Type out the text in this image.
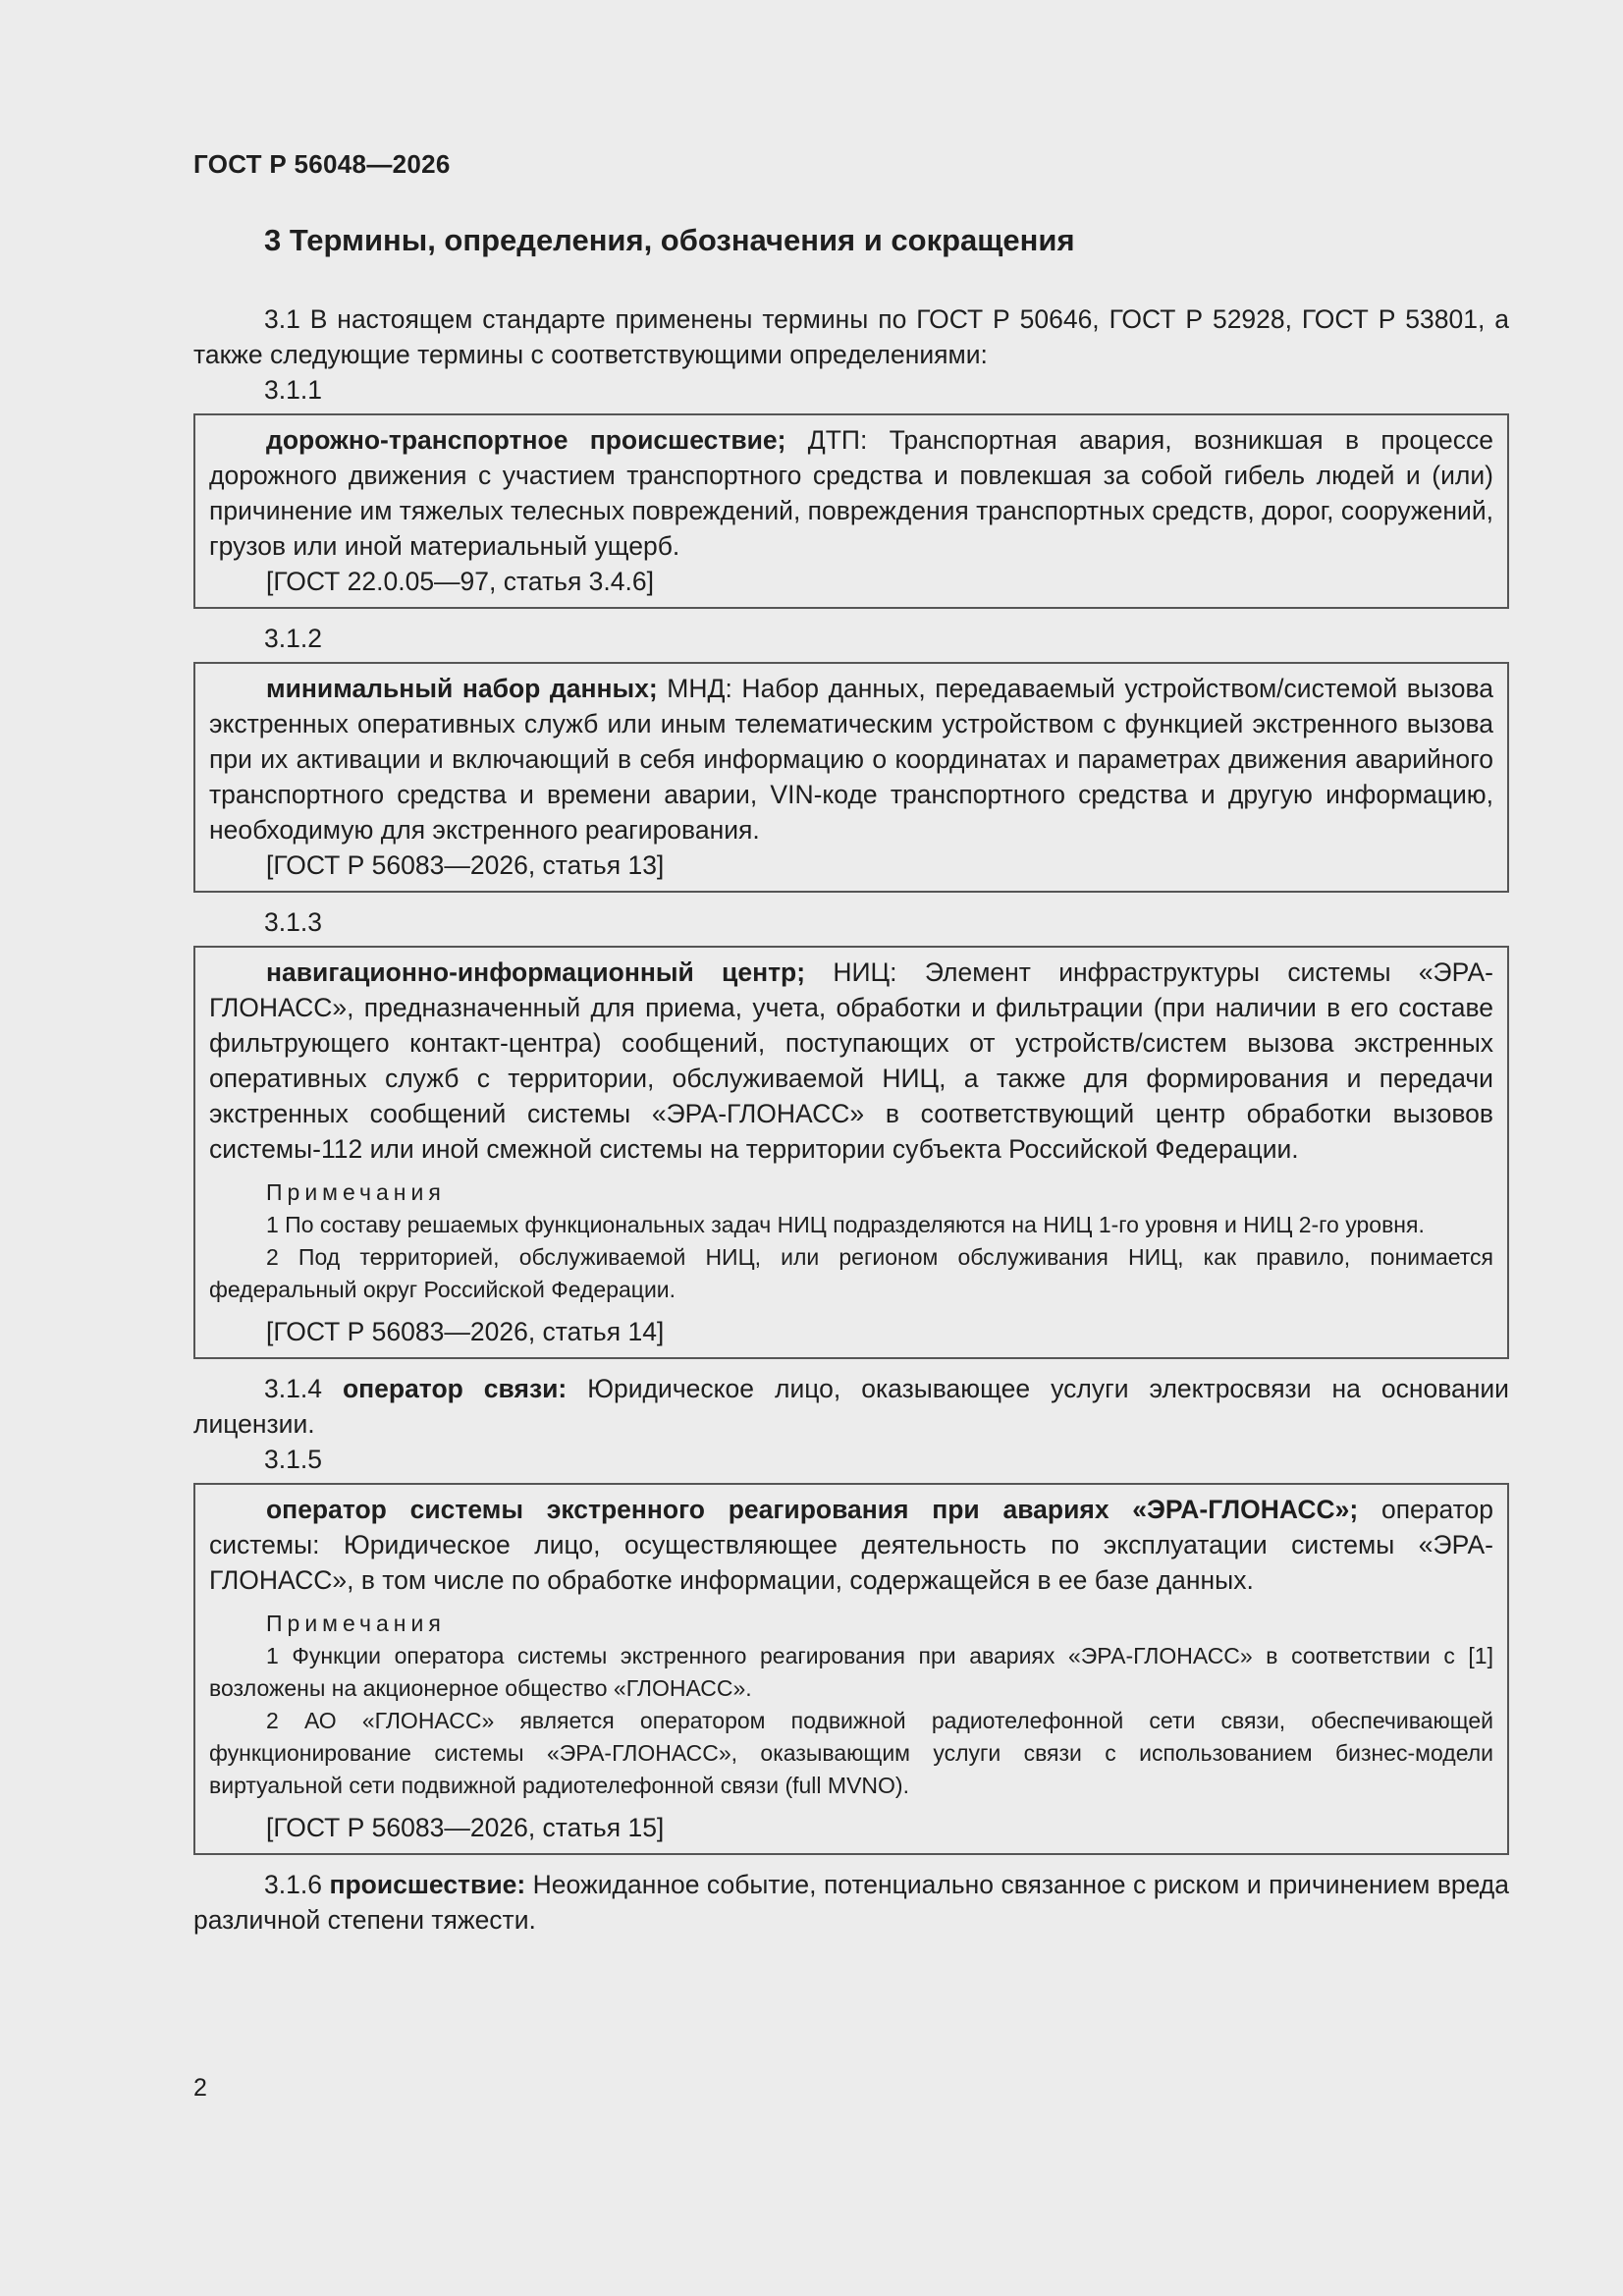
ГОСТ Р 56048—2026
3 Термины, определения, обозначения и сокращения

3.1 В настоящем стандарте применены термины по ГОСТ Р 50646, ГОСТ Р 52928, ГОСТ Р 53801, а также следующие термины с соответствующими определениями:

3.1.1

дорожно-транспортное происшествие; ДТП: Транспортная авария, возникшая в процессе дорожного движения с участием транспортного средства и повлекшая за собой гибель людей и (или) причинение им тяжелых телесных повреждений, повреждения транспортных средств, дорог, сооружений, грузов или иной материальный ущерб.

[ГОСТ 22.0.05—97, статья 3.4.6]
3.1.2

минимальный набор данных; МНД: Набор данных, передаваемый устройством/системой вызова экстренных оперативных служб или иным телематическим устройством с функцией экстренного вызова при их активации и включающий в себя информацию о координатах и параметрах движения аварийного транспортного средства и времени аварии, VIN-коде транспортного средства и другую информацию, необходимую для экстренного реагирования.

[ГОСТ Р 56083—2026, статья 13]
3.1.3

навигационно-информационный центр; НИЦ: Элемент инфраструктуры системы «ЭРА-ГЛОНАСС», предназначенный для приема, учета, обработки и фильтрации (при наличии в его составе фильтрующего контакт-центра) сообщений, поступающих от устройств/систем вызова экстренных оперативных служб с территории, обслуживаемой НИЦ, а также для формирования и передачи экстренных сообщений системы «ЭРА-ГЛОНАСС» в соответствующий центр обработки вызовов системы-112 или иной смежной системы на территории субъекта Российской Федерации.

Примечания
1 По составу решаемых функциональных задач НИЦ подразделяются на НИЦ 1-го уровня и НИЦ 2-го уровня.
2 Под территорией, обслуживаемой НИЦ, или регионом обслуживания НИЦ, как правило, понимается федеральный округ Российской Федерации.
[ГОСТ Р 56083—2026, статья 14]

3.1.4 оператор связи: Юридическое лицо, оказывающее услуги электросвязи на основании лицензии.

3.1.5

оператор системы экстренного реагирования при авариях «ЭРА-ГЛОНАСС»; оператор системы: Юридическое лицо, осуществляющее деятельность по эксплуатации системы «ЭРА-ГЛОНАСС», в том числе по обработке информации, содержащейся в ее базе данных.

Примечания
1 Функции оператора системы экстренного реагирования при авариях «ЭРА-ГЛОНАСС» в соответствии с [1] возложены на акционерное общество «ГЛОНАСС».
2 АО «ГЛОНАСС» является оператором подвижной радиотелефонной сети связи, обеспечивающей функционирование системы «ЭРА-ГЛОНАСС», оказывающим услуги связи с использованием бизнес-модели виртуальной сети подвижной радиотелефонной связи (full MVNO).
[ГОСТ Р 56083—2026, статья 15]

3.1.6 происшествие: Неожиданное событие, потенциально связанное с риском и причинением вреда различной степени тяжести.

2
